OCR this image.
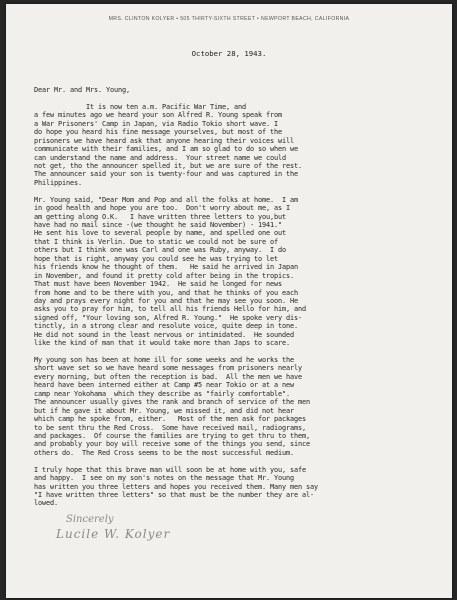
MRS. CLINTON KOLYER • 505 THIRTY-SIXTH STREET • NEWPORT BEACH, CALIFORNIA
October 28, 1943.
Dear Mr. and Mrs. Young,
It is now ten a.m. Pacific War Time, and
a few minutes ago we heard your son Alfred R. Young speak from
a War Prisoners' Camp in Japan, via Radio Tokio short wave. I
do hope you heard his fine message yourselves, but most of the
prisoners we have heard ask that anyone hearing their voices will
communicate with their families, and I am so glad to do so when we
can understand the name and address.  Your street name we could
not get, tho the announcer spelled it, but we are sure of the rest.
The announcer said your son is twenty-four and was captured in the
Philippines.
Mr. Young said, "Dear Mom and Pop and all the folks at home.  I am
in good health and hope you are too.  Don't worry about me, as I
am getting along O.K.   I have written three letters to you,but
have had no mail since -(we thought he said November) - 1941."
He sent his love to several people by name, and spelled one out
that I think is Verlin. Due to static we could not be sure of
others but I think one was Carl and one was Ruby, anyway.  I do
hope that is right, anyway you could see he was trying to let
his friends know he thought of them.   He said he arrived in Japan
in November, and found it pretty cold after being in the tropics.
That must have been November 1942.  He said he longed for news
from home and to be there with you, and that he thinks of you each
day and prays every night for you and that he may see you soon. He
asks you to pray for him, to tell all his friends Hello for him, and
signed off, "Your loving son, Alfred R. Young."  He spoke very dis-
tinctly, in a strong clear and resolute voice, quite deep in tone.
He did not sound in the least nervous or intimidated.  He sounded
like the kind of man that it would take more than Japs to scare.
My young son has been at home ill for some weeks and he works the
short wave set so we have heard some messages from prisoners nearly
every morning, but often the reception is bad.  All the men we have
heard have been interned either at Camp #5 near Tokio or at a new
camp near Yokohama  which they describe as "fairly comfortable".
The announcer usually gives the rank and branch of service of the men
but if he gave it about Mr. Young, we missed it, and did not hear
which camp he spoke from, either.   Most of the men ask for packages
to be sent thru the Red Cross.  Some have received mail, radiograms,
and packages.  Of course the families are trying to get thru to them,
and probably your boy will receive some of the things you send, since
others do.  The Red Cross seems to be the most successful medium.
I truly hope that this brave man will soon be at home with you, safe
and happy.  I see on my son's notes on the message that Mr. Young
has written you three letters and hopes you received them. Many men say
"I have written three letters" so that must be the number they are al-
lowed.
Sincerely
Lucile W. Kolyer
